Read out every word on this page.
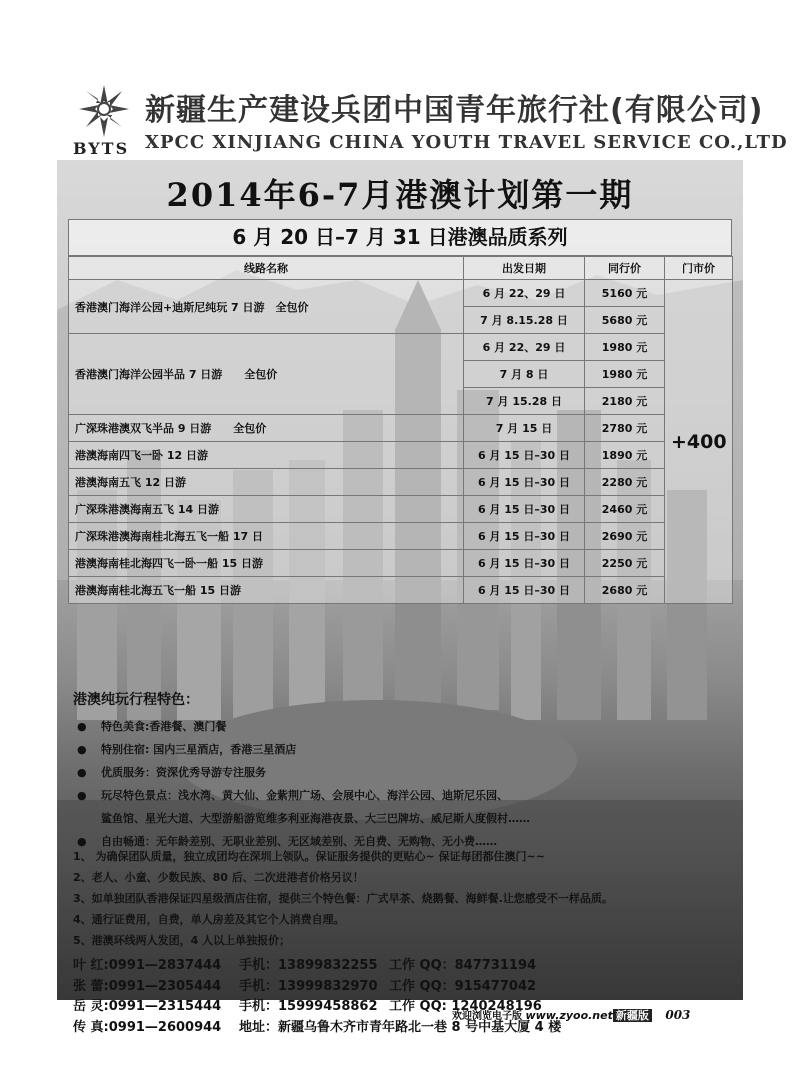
BYTS
新疆生产建设兵团中国青年旅行社(有限公司)
XPCC XINJIANG CHINA YOUTH TRAVEL SERVICE CO.,LTD
2014年6-7月港澳计划第一期
6 月 20 日–7 月 31 日港澳品质系列
线路名称	出发日期	同行价	门市价
香港澳门海洋公园+迪斯尼纯玩 7 日游　全包价	6 月 22、29 日	5160 元	+400
	7 月 8.15.28 日	5680 元	
香港澳门海洋公园半品 7 日游　　全包价	6 月 22、29 日	1980 元	
	7 月 8 日	1980 元	
	7 月 15.28 日	2180 元	
广深珠港澳双飞半品 9 日游　　全包价	7 月 15 日	2780 元	
港澳海南四飞一卧 12 日游	6 月 15 日–30 日	1890 元	
港澳海南五飞 12 日游	6 月 15 日–30 日	2280 元	
广深珠港澳海南五飞 14 日游	6 月 15 日–30 日	2460 元	
广深珠港澳海南桂北海五飞一船 17 日	6 月 15 日–30 日	2690 元	
港澳海南桂北海四飞一卧一船 15 日游	6 月 15 日–30 日	2250 元	
港澳海南桂北海五飞一船 15 日游	6 月 15 日–30 日	2680 元	
港澳纯玩行程特色：
● 特色美食:香港餐、澳门餐
● 特别住宿: 国内三星酒店，香港三星酒店
● 优质服务：资深优秀导游专注服务
● 玩尽特色景点：浅水湾、黄大仙、金紫荆广场、会展中心、海洋公园、迪斯尼乐园、
鲨鱼馆、星光大道、大型游船游览维多利亚海港夜景、大三巴牌坊、威尼斯人度假村……
● 自由畅通：无年龄差别、无职业差别、无区域差别、无自费、无购物、无小费……
1、 为确保团队质量，独立成团均在深圳上领队。保证服务提供的更贴心~ 保证每团都住澳门~~
2、老人、小童、少数民族、80 后、二次进港者价格另议！
3、如单独团队香港保证四星级酒店住宿，提供三个特色餐：广式早茶、烧鹅餐、海鲜餐.让您感受不一样品质。
4、通行证费用，自费，单人房差及其它个人消费自理。
5、港澳环线两人发团，4 人以上单独报价；
叶 红:0991—2837444 手机：13899832255 工作 QQ：847731194
张 蕾:0991—2305444 手机：13999832970 工作 QQ：915477042
岳 灵:0991—2315444 手机：15999458862 工作 QQ: 1240248196
传 真:0991—2600944 地址：新疆乌鲁木齐市青年路北一巷 8 号中基大厦 4 楼
服务同行，真诚到永远！感谢多年支持！期待与您的再次合作！
欢迎浏览电子版 www.zyoo.net 新疆版 003
